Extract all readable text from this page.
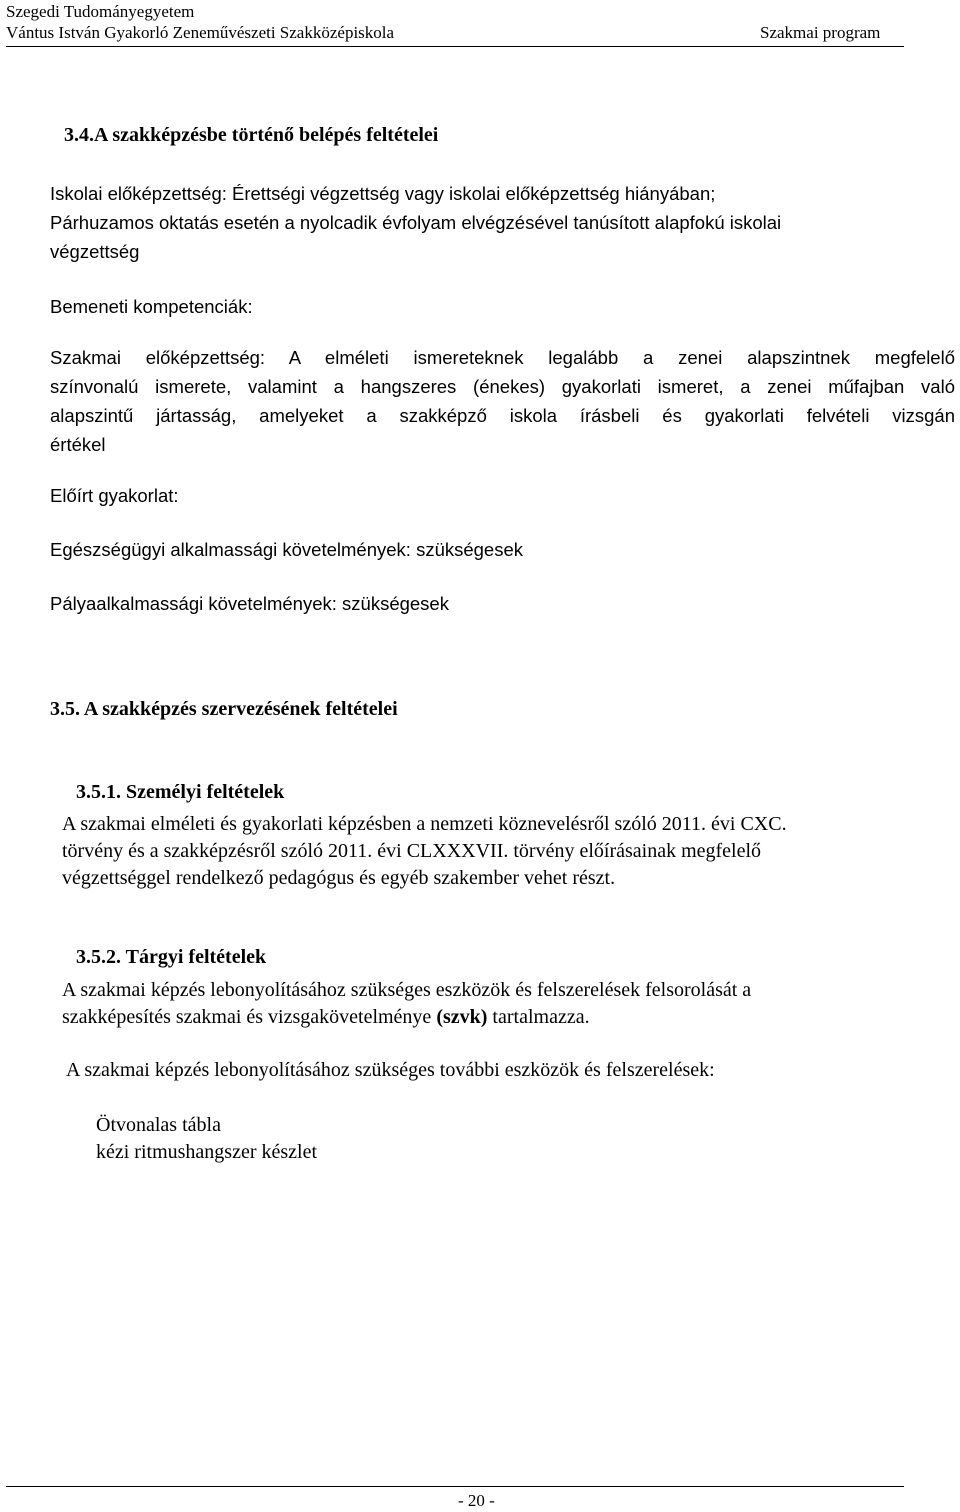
Szegedi Tudományegyetem
Vántus István Gyakorló Zeneművészeti Szakközépiskola	Szakmai program
3.4.A szakképzésbe történő belépés feltételei
Iskolai előképzettség: Érettségi végzettség vagy iskolai előképzettség hiányában;
Párhuzamos oktatás esetén a nyolcadik évfolyam elvégzésével tanúsított alapfokú iskolai
végzettség
Bemeneti kompetenciák:
Szakmai előképzettség: A elméleti ismereteknek legalább a zenei alapszintnek megfelelő
színvonalú ismerete, valamint a hangszeres (énekes) gyakorlati ismeret, a zenei műfajban való
alapszintű jártasság, amelyeket a szakképző iskola írásbeli és gyakorlati felvételi vizsgán
értékel
Előírt gyakorlat:
Egészségügyi alkalmassági követelmények: szükségesek
Pályaalkalmassági követelmények: szükségesek
3.5. A szakképzés szervezésének feltételei
3.5.1. Személyi feltételek
A szakmai elméleti és gyakorlati képzésben a nemzeti köznevelésről szóló 2011. évi CXC.
törvény és a szakképzésről szóló 2011. évi CLXXXVII. törvény előírásainak megfelelő
végzettséggel rendelkező pedagógus és egyéb szakember vehet részt.
3.5.2. Tárgyi feltételek
A szakmai képzés lebonyolításához szükséges eszközök és felszerelések felsorolását a
szakképesítés szakmai és vizsgakövetelménye (szvk) tartalmazza.
A szakmai képzés lebonyolításához szükséges további eszközök és felszerelések:
Ötvonalas tábla
kézi ritmushangszer készlet
- 20 -
